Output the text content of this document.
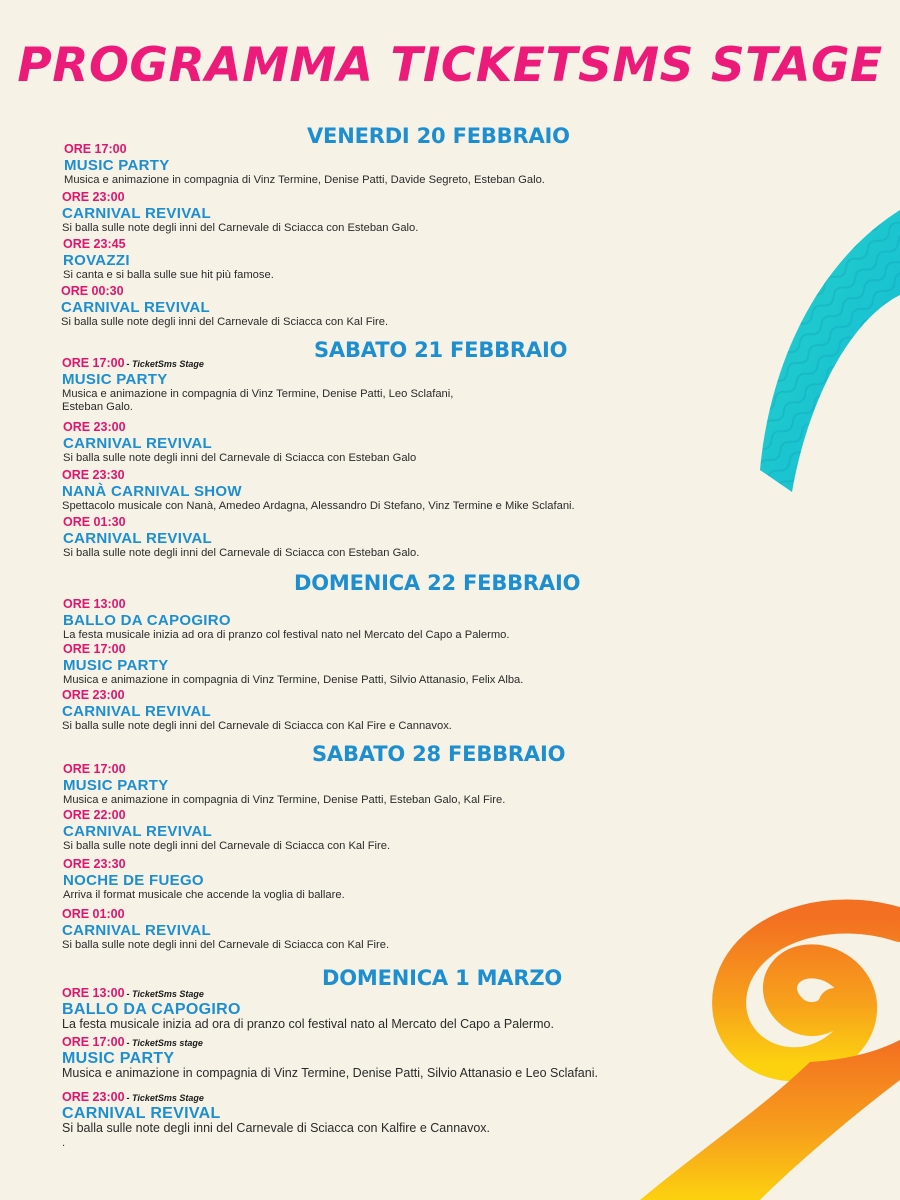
PROGRAMMA TICKETSMS STAGE
VENERDI 20 FEBBRAIO
ORE 17:00
MUSIC PARTY
Musica e animazione in compagnia di Vinz Termine, Denise Patti, Davide Segreto, Esteban Galo.
ORE 23:00
CARNIVAL REVIVAL
Si balla sulle note degli inni del Carnevale di Sciacca con Esteban Galo.
ORE 23:45
ROVAZZI
Si canta e si balla sulle sue hit più famose.
ORE 00:30
CARNIVAL REVIVAL
Si balla sulle note degli inni del Carnevale di Sciacca con Kal Fire.
SABATO 21 FEBBRAIO
ORE 17:00 - TicketSms Stage
MUSIC PARTY
Musica e animazione in compagnia di Vinz Termine, Denise Patti, Leo Sclafani, Esteban Galo.
ORE 23:00
CARNIVAL REVIVAL
Si balla sulle note degli inni del Carnevale di Sciacca con Esteban Galo
ORE 23:30
NANÀ CARNIVAL SHOW
Spettacolo musicale con Nanà, Amedeo Ardagna, Alessandro Di Stefano, Vinz Termine e Mike Sclafani.
ORE 01:30
CARNIVAL REVIVAL
Si balla sulle note degli inni del Carnevale di Sciacca con Esteban Galo.
DOMENICA 22 FEBBRAIO
ORE 13:00
BALLO DA CAPOGIRO
La festa musicale inizia ad ora di pranzo col festival nato nel Mercato del Capo a Palermo.
ORE 17:00
MUSIC PARTY
Musica e animazione in compagnia di Vinz Termine, Denise Patti, Silvio Attanasio, Felix Alba.
ORE 23:00
CARNIVAL REVIVAL
Si balla sulle note degli inni del Carnevale di Sciacca con Kal Fire e Cannavox.
SABATO 28 FEBBRAIO
ORE 17:00
MUSIC PARTY
Musica e animazione in compagnia di Vinz Termine, Denise Patti, Esteban Galo, Kal Fire.
ORE 22:00
CARNIVAL REVIVAL
Si balla sulle note degli inni del Carnevale di Sciacca con Kal Fire.
ORE 23:30
NOCHE DE FUEGO
Arriva il format musicale che accende la voglia di ballare.
ORE 01:00
CARNIVAL REVIVAL
Si balla sulle note degli inni del Carnevale di Sciacca con Kal Fire.
DOMENICA 1 MARZO
ORE 13:00 - TicketSms Stage
BALLO DA CAPOGIRO
La festa musicale inizia ad ora di pranzo col festival nato al Mercato del Capo a Palermo.
ORE 17:00 - TicketSms stage
MUSIC PARTY
Musica e animazione in compagnia di Vinz Termine, Denise Patti, Silvio Attanasio e Leo Sclafani.
ORE 23:00 - TicketSms Stage
CARNIVAL REVIVAL
Si balla sulle note degli inni del Carnevale di Sciacca con Kalfire e Cannavox.
.
